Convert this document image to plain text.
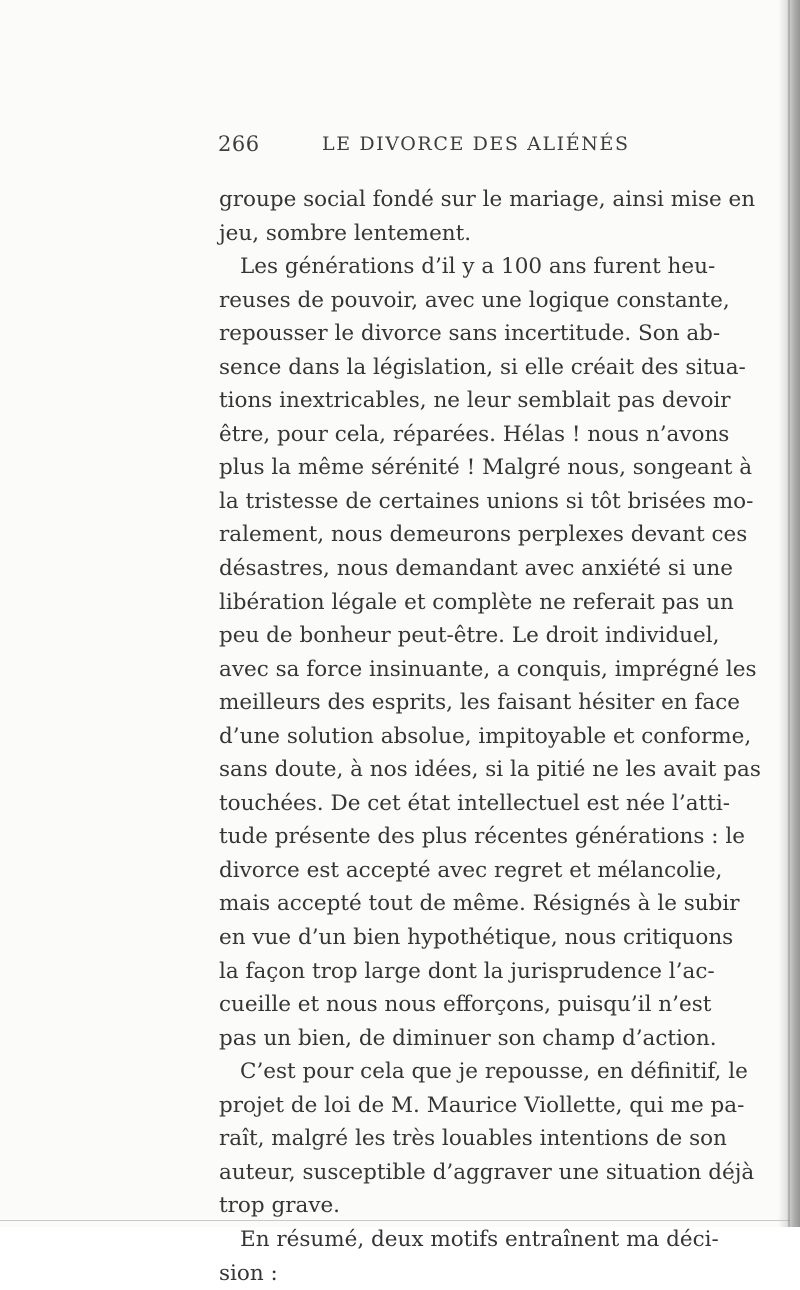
266	LE DIVORCE DES ALIÉNÉS
groupe social fondé sur le mariage, ainsi mise en
jeu, sombre lentement.
Les générations d’il y a 100 ans furent heu-
reuses de pouvoir, avec une logique constante,
repousser le divorce sans incertitude. Son ab-
sence dans la législation, si elle créait des situa-
tions inextricables, ne leur semblait pas devoir
être, pour cela, réparées. Hélas ! nous n’avons
plus la même sérénité ! Malgré nous, songeant à
la tristesse de certaines unions si tôt brisées mo-
ralement, nous demeurons perplexes devant ces
désastres, nous demandant avec anxiété si une
libération légale et complète ne referait pas un
peu de bonheur peut-être. Le droit individuel,
avec sa force insinuante, a conquis, imprégné les
meilleurs des esprits, les faisant hésiter en face
d’une solution absolue, impitoyable et conforme,
sans doute, à nos idées, si la pitié ne les avait pas
touchées. De cet état intellectuel est née l’atti-
tude présente des plus récentes générations : le
divorce est accepté avec regret et mélancolie,
mais accepté tout de même. Résignés à le subir
en vue d’un bien hypothétique, nous critiquons
la façon trop large dont la jurisprudence l’ac-
cueille et nous nous efforçons, puisqu’il n’est
pas un bien, de diminuer son champ d’action.
C’est pour cela que je repousse, en définitif, le
projet de loi de M. Maurice Viollette, qui me pa-
raît, malgré les très louables intentions de son
auteur, susceptible d’aggraver une situation déjà
trop grave.
En résumé, deux motifs entraînent ma déci-
sion :
